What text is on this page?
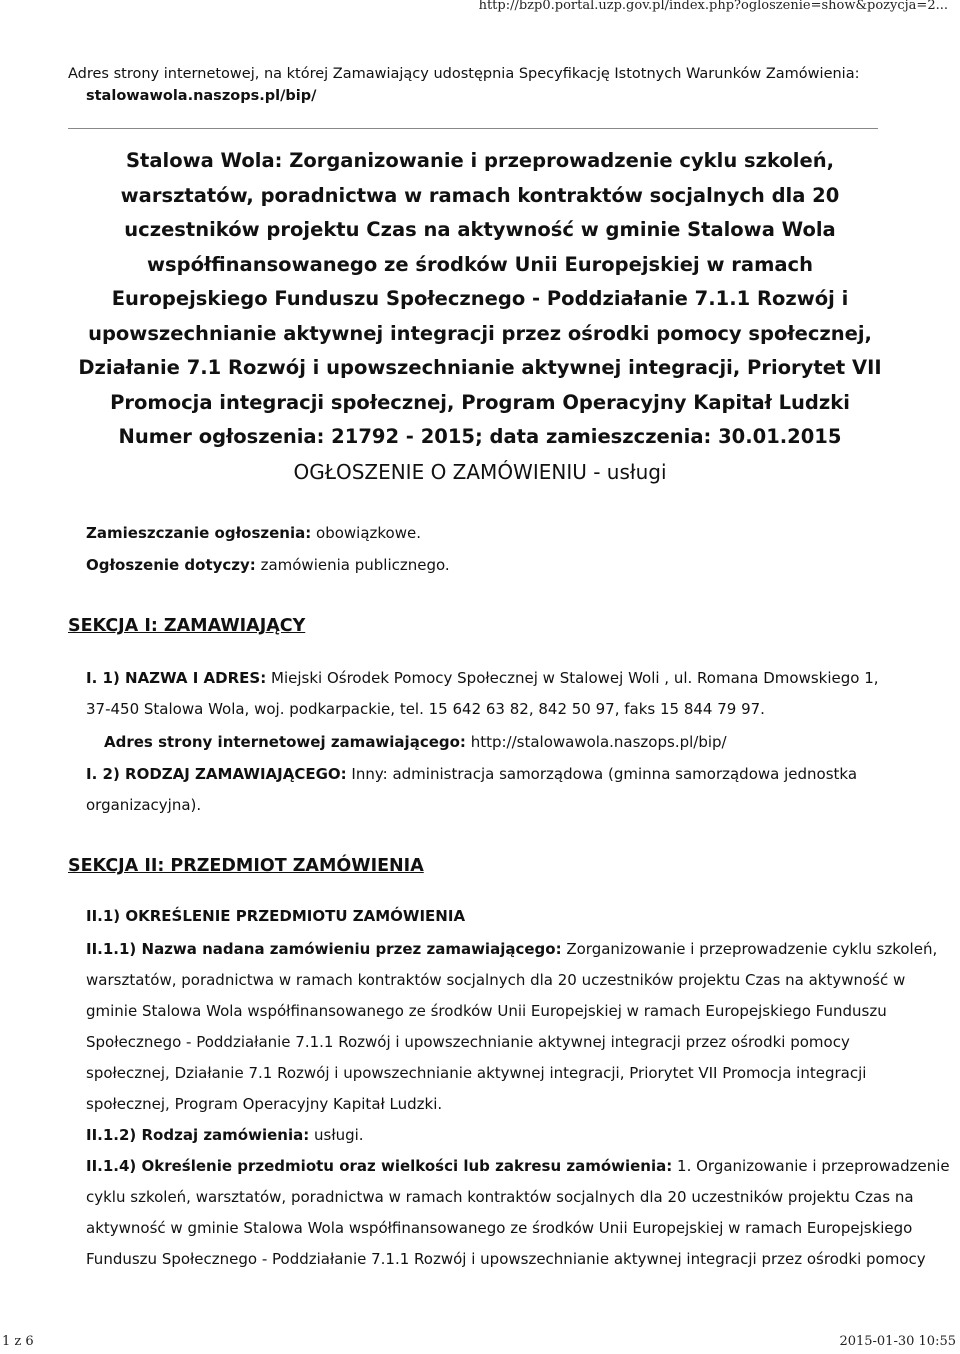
http://bzp0.portal.uzp.gov.pl/index.php?ogloszenie=show&pozycja=2...
Adres strony internetowej, na której Zamawiający udostępnia Specyfikację Istotnych Warunków Zamówienia:
stalowawola.naszops.pl/bip/
Stalowa Wola: Zorganizowanie i przeprowadzenie cyklu szkoleń,
warsztatów, poradnictwa w ramach kontraktów socjalnych dla 20
uczestników projektu Czas na aktywność w gminie Stalowa Wola
współfinansowanego ze środków Unii Europejskiej w ramach
Europejskiego Funduszu Społecznego - Poddziałanie 7.1.1 Rozwój i
upowszechnianie aktywnej integracji przez ośrodki pomocy społecznej,
Działanie 7.1 Rozwój i upowszechnianie aktywnej integracji, Priorytet VII
Promocja integracji społecznej, Program Operacyjny Kapitał Ludzki
Numer ogłoszenia: 21792 - 2015; data zamieszczenia: 30.01.2015
OGŁOSZENIE O ZAMÓWIENIU - usługi
Zamieszczanie ogłoszenia: obowiązkowe.
Ogłoszenie dotyczy: zamówienia publicznego.
SEKCJA I: ZAMAWIAJĄCY
I. 1) NAZWA I ADRES: Miejski Ośrodek Pomocy Społecznej w Stalowej Woli , ul. Romana Dmowskiego 1,
37-450 Stalowa Wola, woj. podkarpackie, tel. 15 642 63 82, 842 50 97, faks 15 844 79 97.
Adres strony internetowej zamawiającego: http://stalowawola.naszops.pl/bip/
I. 2) RODZAJ ZAMAWIAJĄCEGO: Inny: administracja samorządowa (gminna samorządowa jednostka
organizacyjna).
SEKCJA II: PRZEDMIOT ZAMÓWIENIA
II.1) OKREŚLENIE PRZEDMIOTU ZAMÓWIENIA
II.1.1) Nazwa nadana zamówieniu przez zamawiającego: Zorganizowanie i przeprowadzenie cyklu szkoleń,
warsztatów, poradnictwa w ramach kontraktów socjalnych dla 20 uczestników projektu Czas na aktywność w
gminie Stalowa Wola współfinansowanego ze środków Unii Europejskiej w ramach Europejskiego Funduszu
Społecznego - Poddziałanie 7.1.1 Rozwój i upowszechnianie aktywnej integracji przez ośrodki pomocy
społecznej, Działanie 7.1 Rozwój i upowszechnianie aktywnej integracji, Priorytet VII Promocja integracji
społecznej, Program Operacyjny Kapitał Ludzki.
II.1.2) Rodzaj zamówienia: usługi.
II.1.4) Określenie przedmiotu oraz wielkości lub zakresu zamówienia: 1. Organizowanie i przeprowadzenie
cyklu szkoleń, warsztatów, poradnictwa w ramach kontraktów socjalnych dla 20 uczestników projektu Czas na
aktywność w gminie Stalowa Wola współfinansowanego ze środków Unii Europejskiej w ramach Europejskiego
Funduszu Społecznego - Poddziałanie 7.1.1 Rozwój i upowszechnianie aktywnej integracji przez ośrodki pomocy
1 z 6	2015-01-30 10:55
